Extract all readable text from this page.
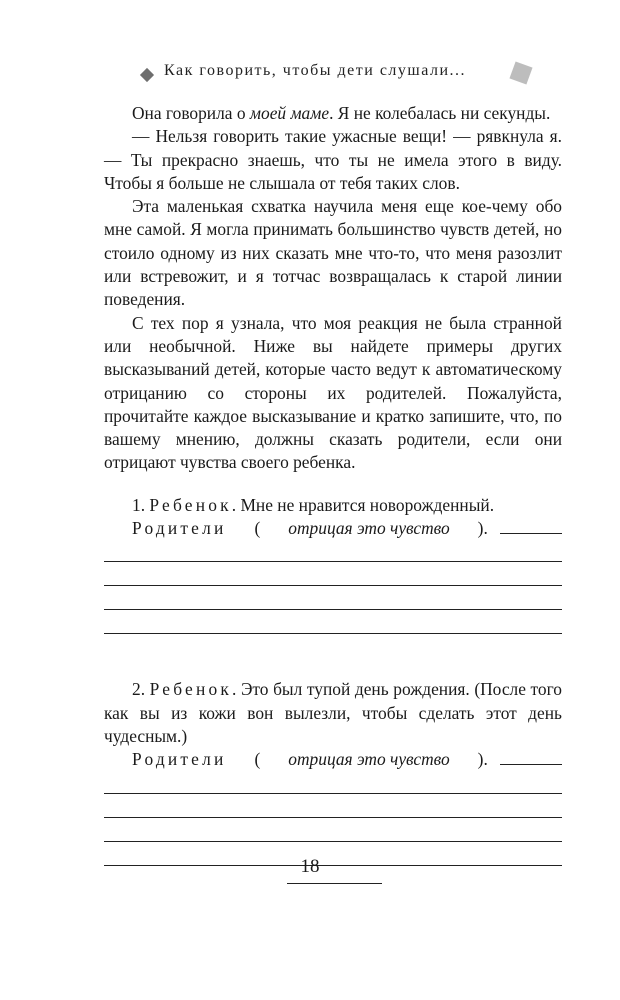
Как говорить, чтобы дети слушали...

Она говорила о моей маме. Я не колебалась ни секунды.

— Нельзя говорить такие ужасные вещи! — рявкнула я. — Ты прекрасно знаешь, что ты не имела этого в виду. Чтобы я больше не слышала от тебя таких слов.

Эта маленькая схватка научила меня еще кое-чему обо мне самой. Я могла принимать большинство чувств детей, но стоило одному из них сказать мне что-то, что меня разозлит или встревожит, и я тотчас возвращалась к старой линии поведения.

С тех пор я узнала, что моя реакция не была странной или необычной. Ниже вы найдете примеры других высказываний детей, которые часто ведут к автоматическому отрицанию со стороны их родителей. Пожалуйста, прочитайте каждое высказывание и кратко запишите, что, по вашему мнению, должны сказать родители, если они отрицают чувства своего ребенка.

1. Ребенок. Мне не нравится новорожденный.

Родители	(	отрицая это чувство	).

2. Ребенок. Это был тупой день рождения. (После того как вы из кожи вон вылезли, чтобы сделать этот день чудесным.)

Родители	(	отрицая это чувство	).
18
